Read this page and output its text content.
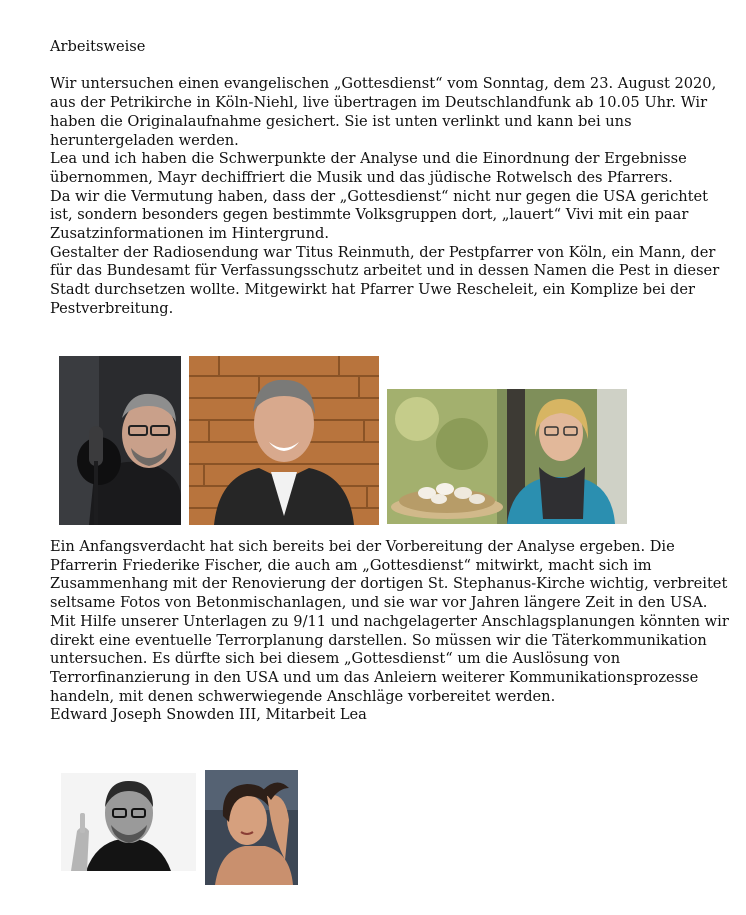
Arbeitsweise

Wir untersuchen einen evangelischen „Gottesdienst“ vom Sonntag, dem 23. August 2020, aus der Petrikirche in Köln-Niehl, live übertragen im Deutschlandfunk ab 10.05 Uhr. Wir haben die Originalaufnahme gesichert. Sie ist unten verlinkt und kann bei uns heruntergeladen werden.

Lea und ich haben die Schwerpunkte der Analyse und die Einordnung der Ergebnisse übernommen, Mayr dechiffriert die Musik und das jüdische Rotwelsch des Pfarrers.

Da wir die Vermutung haben, dass der „Gottesdienst“ nicht nur gegen die USA gerichtet ist, sondern besonders gegen bestimmte Volksgruppen dort, „lauert“ Vivi mit ein paar Zusatzinformationen im Hintergrund.

Gestalter der Radiosendung war Titus Reinmuth, der Pestpfarrer von Köln, ein Mann, der für das Bundesamt für Verfassungsschutz arbeitet und in dessen Namen die Pest in dieser Stadt durchsetzen wollte. Mitgewirkt hat Pfarrer Uwe Rescheleit, ein Komplize bei der Pestverbreitung.

Ein Anfangsverdacht hat sich bereits bei der Vorbereitung der Analyse ergeben. Die Pfarrerin Friederike Fischer, die auch am „Gottesdienst“ mitwirkt, macht sich im Zusammenhang mit der Renovierung der dortigen St. Stephanus-Kirche wichtig, verbreitet seltsame Fotos von Betonmischanlagen, und sie war vor Jahren längere Zeit in den USA.

Mit Hilfe unserer Unterlagen zu 9/11 und nachgelagerter Anschlagsplanungen könnten wir direkt eine eventuelle Terrorplanung darstellen. So müssen wir die Täterkommunikation untersuchen. Es dürfte sich bei diesem „Gottesdienst“ um die Auslösung von Terrorfinanzierung in den USA und um das Anleiern weiterer Kommunikationsprozesse handeln, mit denen schwerwiegende Anschläge vorbereitet werden.

Edward Joseph Snowden III, Mitarbeit Lea
